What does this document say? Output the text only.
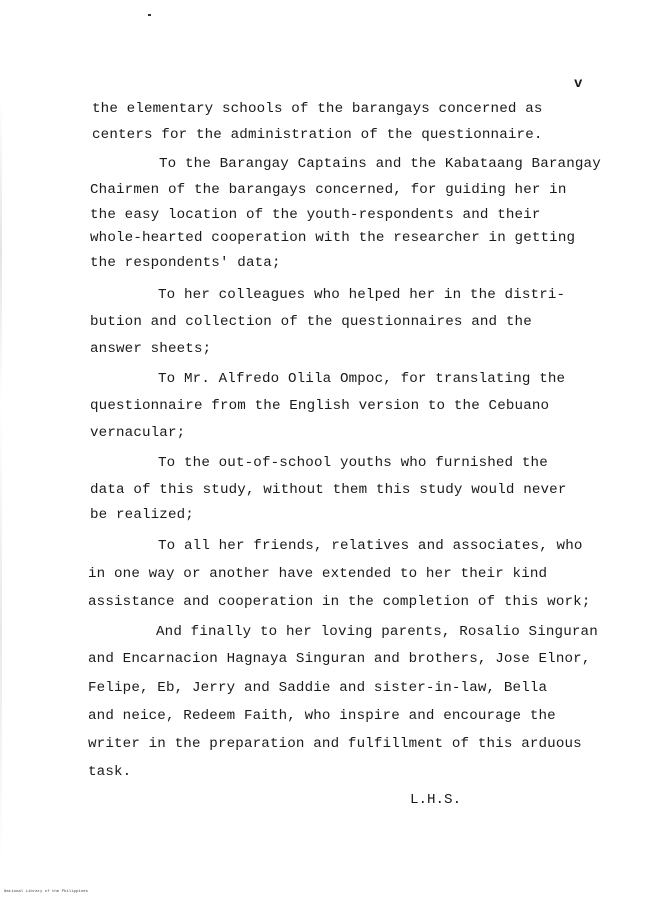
v

the elementary schools of the barangays concerned as

centers for the administration of the questionnaire.

To the Barangay Captains and the Kabataang Barangay

Chairmen of the barangays concerned, for guiding her in

the easy location of the youth-respondents and their

whole-hearted cooperation with the researcher in getting

the respondents' data;

To her colleagues who helped her in the distri-

bution and collection of the questionnaires and the

answer sheets;

To Mr. Alfredo Olila Ompoc, for translating the

questionnaire from the English version to the Cebuano

vernacular;

To the out-of-school youths who furnished the

data of this study, without them this study would never

be realized;

To all her friends, relatives and associates, who

in one way or another have extended to her their kind

assistance and cooperation in the completion of this work;

And finally to her loving parents, Rosalio Singuran

and Encarnacion Hagnaya Singuran and brothers, Jose Elnor,

Felipe, Eb, Jerry and Saddie and sister-in-law, Bella

and neice, Redeem Faith, who inspire and encourage the

writer in the preparation and fulfillment of this arduous

task.

L.H.S.

National Library of the Philippines
